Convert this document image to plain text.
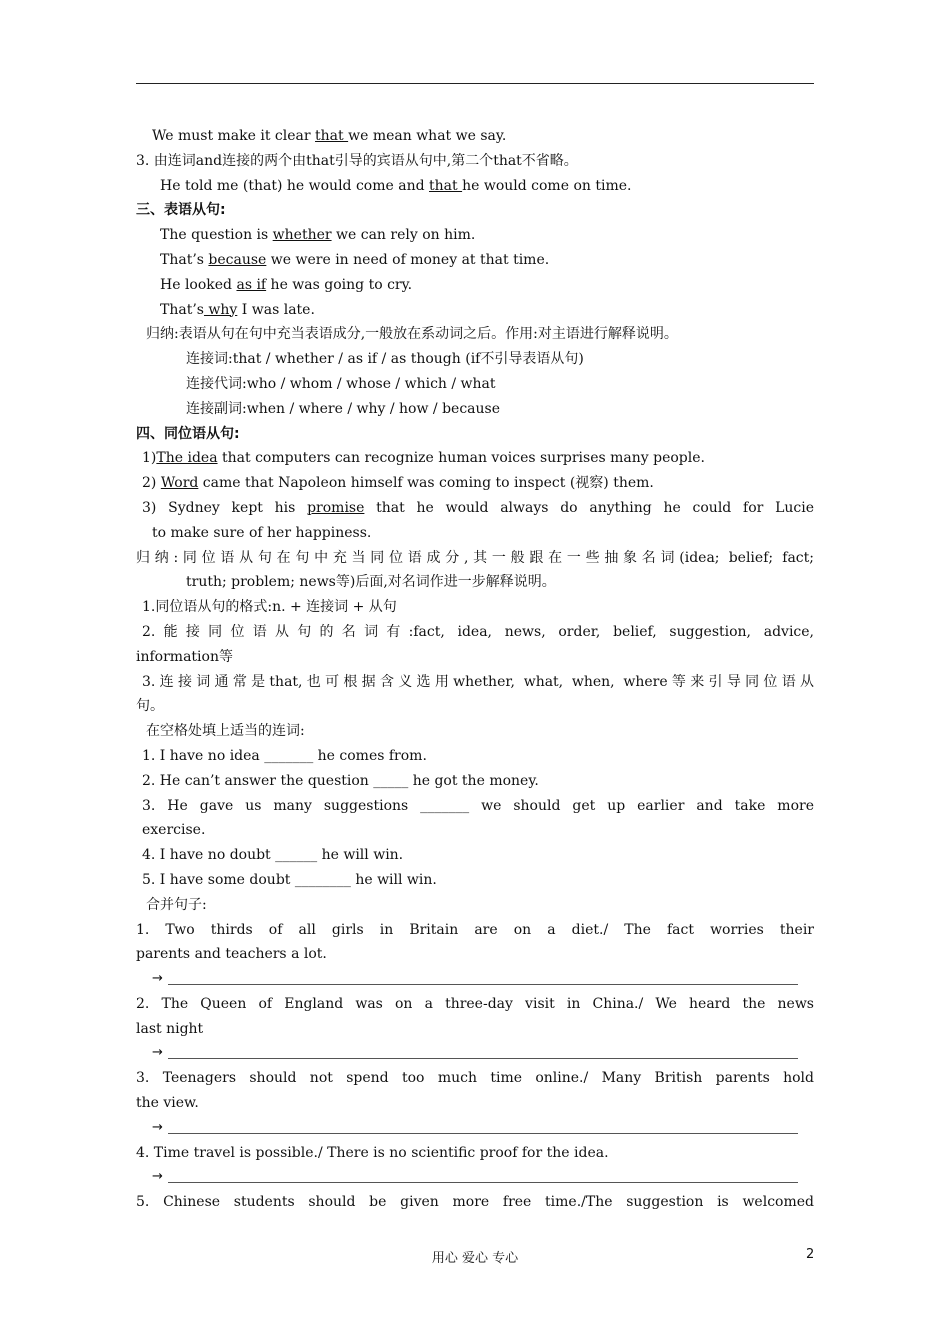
We must make it clear that we mean what we say.
3. 由连词and连接的两个由that引导的宾语从句中,第二个that不省略。
He told me (that) he would come and that he would come on time.
三、表语从句:
The question is whether we can rely on him.
That’s because we were in need of money at that time.
He looked as if he was going to cry.
That’s why I was late.
归纳:表语从句在句中充当表语成分,一般放在系动词之后。作用:对主语进行解释说明。
连接词:that / whether / as if / as though (if不引导表语从句)
连接代词:who / whom / whose / which / what
连接副词:when / where / why / how / because
四、同位语从句:
1)The idea that computers can recognize human voices surprises many people.
2) Word came that Napoleon himself was coming to inspect (视察) them.
3) Sydney kept his promise that he would always do anything he could for Lucie
to make sure of her happiness.
归纳:同位语从句在句中充当同位语成分,其一般跟在一些抽象名词(idea; belief; fact;
truth; problem; news等)后面,对名词作进一步解释说明。
1.同位语从句的格式:n. + 连接词 + 从句
2.能接同位语从句的名词有:fact, idea, news, order, belief, suggestion, advice,
information等
3.连接词通常是that,也可根据含义选用whether, what, when, where等来引导同位语从
句。
在空格处填上适当的连词:
1. I have no idea _______ he comes from.
2. He can’t answer the question _____ he got the money.
3. He gave us many suggestions _______ we should get up earlier and take more
exercise.
4. I have no doubt ______ he will win.
5. I have some doubt ________ he will win.
合并句子:
1. Two thirds of all girls in Britain are on a diet./ The fact worries their
parents and teachers a lot.
→
2. The Queen of England was on a three-day visit in China./ We heard the news
last night
→
3. Teenagers should not spend too much time online./ Many British parents hold
the view.
→
4. Time travel is possible./ There is no scientific proof for the idea.
→
5. Chinese students should be given more free time./The suggestion is welcomed
用心 爱心 专心	2
